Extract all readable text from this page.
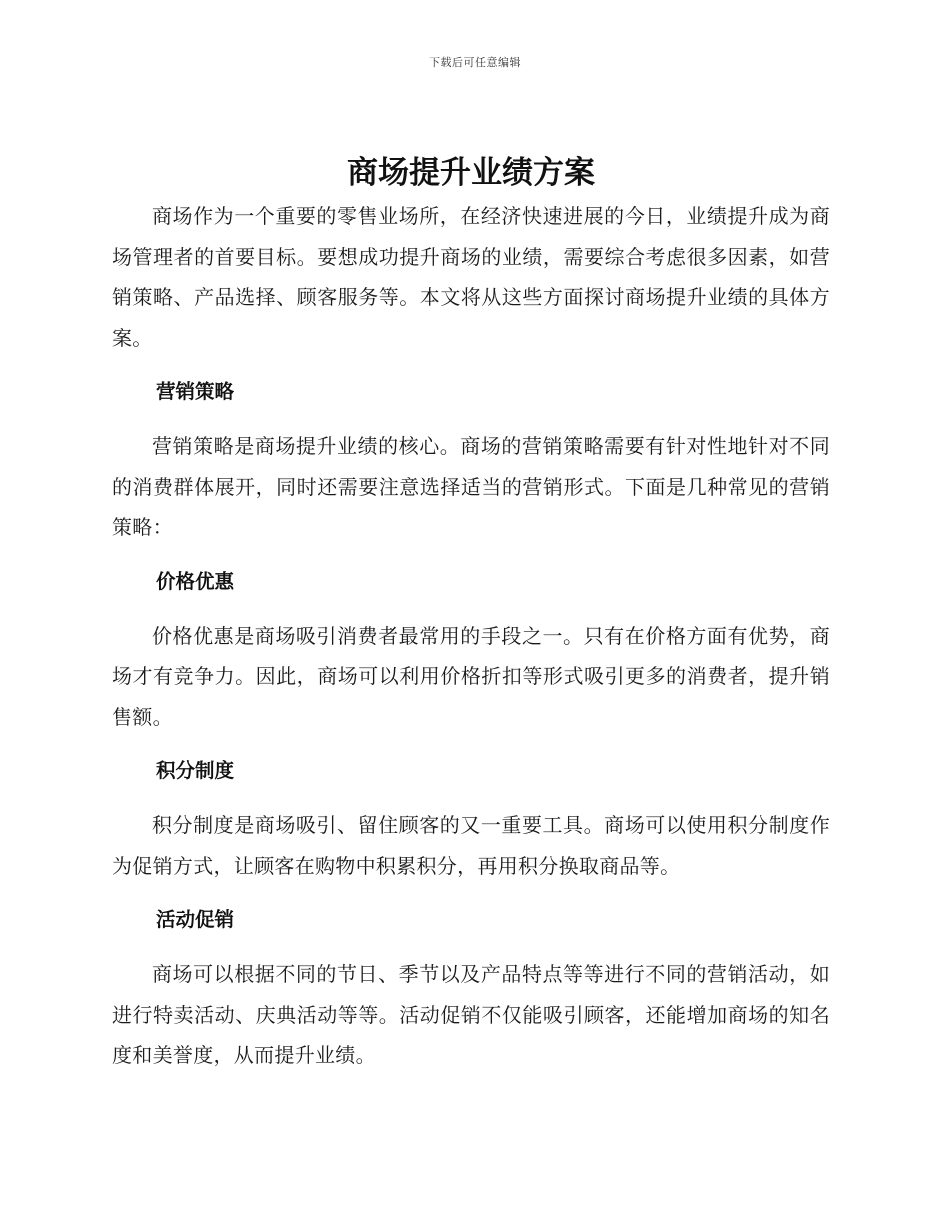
下载后可任意编辑
商场提升业绩方案

商场作为一个重要的零售业场所，在经济快速进展的今日，业绩提升成为商场管理者的首要目标。要想成功提升商场的业绩，需要综合考虑很多因素，如营销策略、产品选择、顾客服务等。本文将从这些方面探讨商场提升业绩的具体方案。

营销策略

营销策略是商场提升业绩的核心。商场的营销策略需要有针对性地针对不同的消费群体展开，同时还需要注意选择适当的营销形式。下面是几种常见的营销策略：

价格优惠

价格优惠是商场吸引消费者最常用的手段之一。只有在价格方面有优势，商场才有竞争力。因此，商场可以利用价格折扣等形式吸引更多的消费者，提升销售额。

积分制度

积分制度是商场吸引、留住顾客的又一重要工具。商场可以使用积分制度作为促销方式，让顾客在购物中积累积分，再用积分换取商品等。

活动促销

商场可以根据不同的节日、季节以及产品特点等等进行不同的营销活动，如进行特卖活动、庆典活动等等。活动促销不仅能吸引顾客，还能增加商场的知名度和美誉度，从而提升业绩。
